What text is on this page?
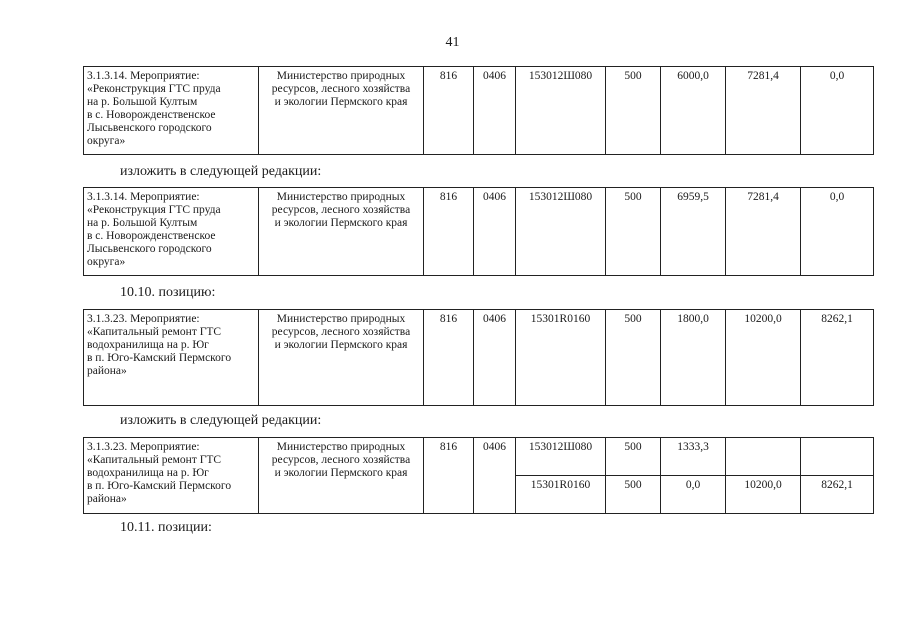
41
3.1.3.14. Мероприятие:
«Реконструкция ГТС пруда
на р. Большой Култым
в с. Новорожденственское
Лысьвенского городского
округа»

Министерство природных
ресурсов, лесного хозяйства
и экологии Пермского края
	816	0406	153012Ш080	500	6000,0	7281,4	0,0
изложить в следующей редакции:
3.1.3.14. Мероприятие:
«Реконструкция ГТС пруда
на р. Большой Култым
в с. Новорожденственское
Лысьвенского городского
округа»

Министерство природных
ресурсов, лесного хозяйства
и экологии Пермского края
	816	0406	153012Ш080	500	6959,5	7281,4	0,0
10.10. позицию:
3.1.3.23. Мероприятие:
«Капитальный ремонт ГТС
водохранилища на р. Юг
в п. Юго-Камский Пермского
района»

Министерство природных
ресурсов, лесного хозяйства
и экологии Пермского края
	816	0406	15301R0160	500	1800,0	10200,0	8262,1
изложить в следующей редакции:
3.1.3.23. Мероприятие:
«Капитальный ремонт ГТС
водохранилища на р. Юг
в п. Юго-Камский Пермского
района»	Министерство природных
ресурсов, лесного хозяйства
и экологии Пермского края	816	0406	153012Ш080	500	1333,3		
				15301R0160	500	0,0	10200,0	8262,1
10.11. позиции:
